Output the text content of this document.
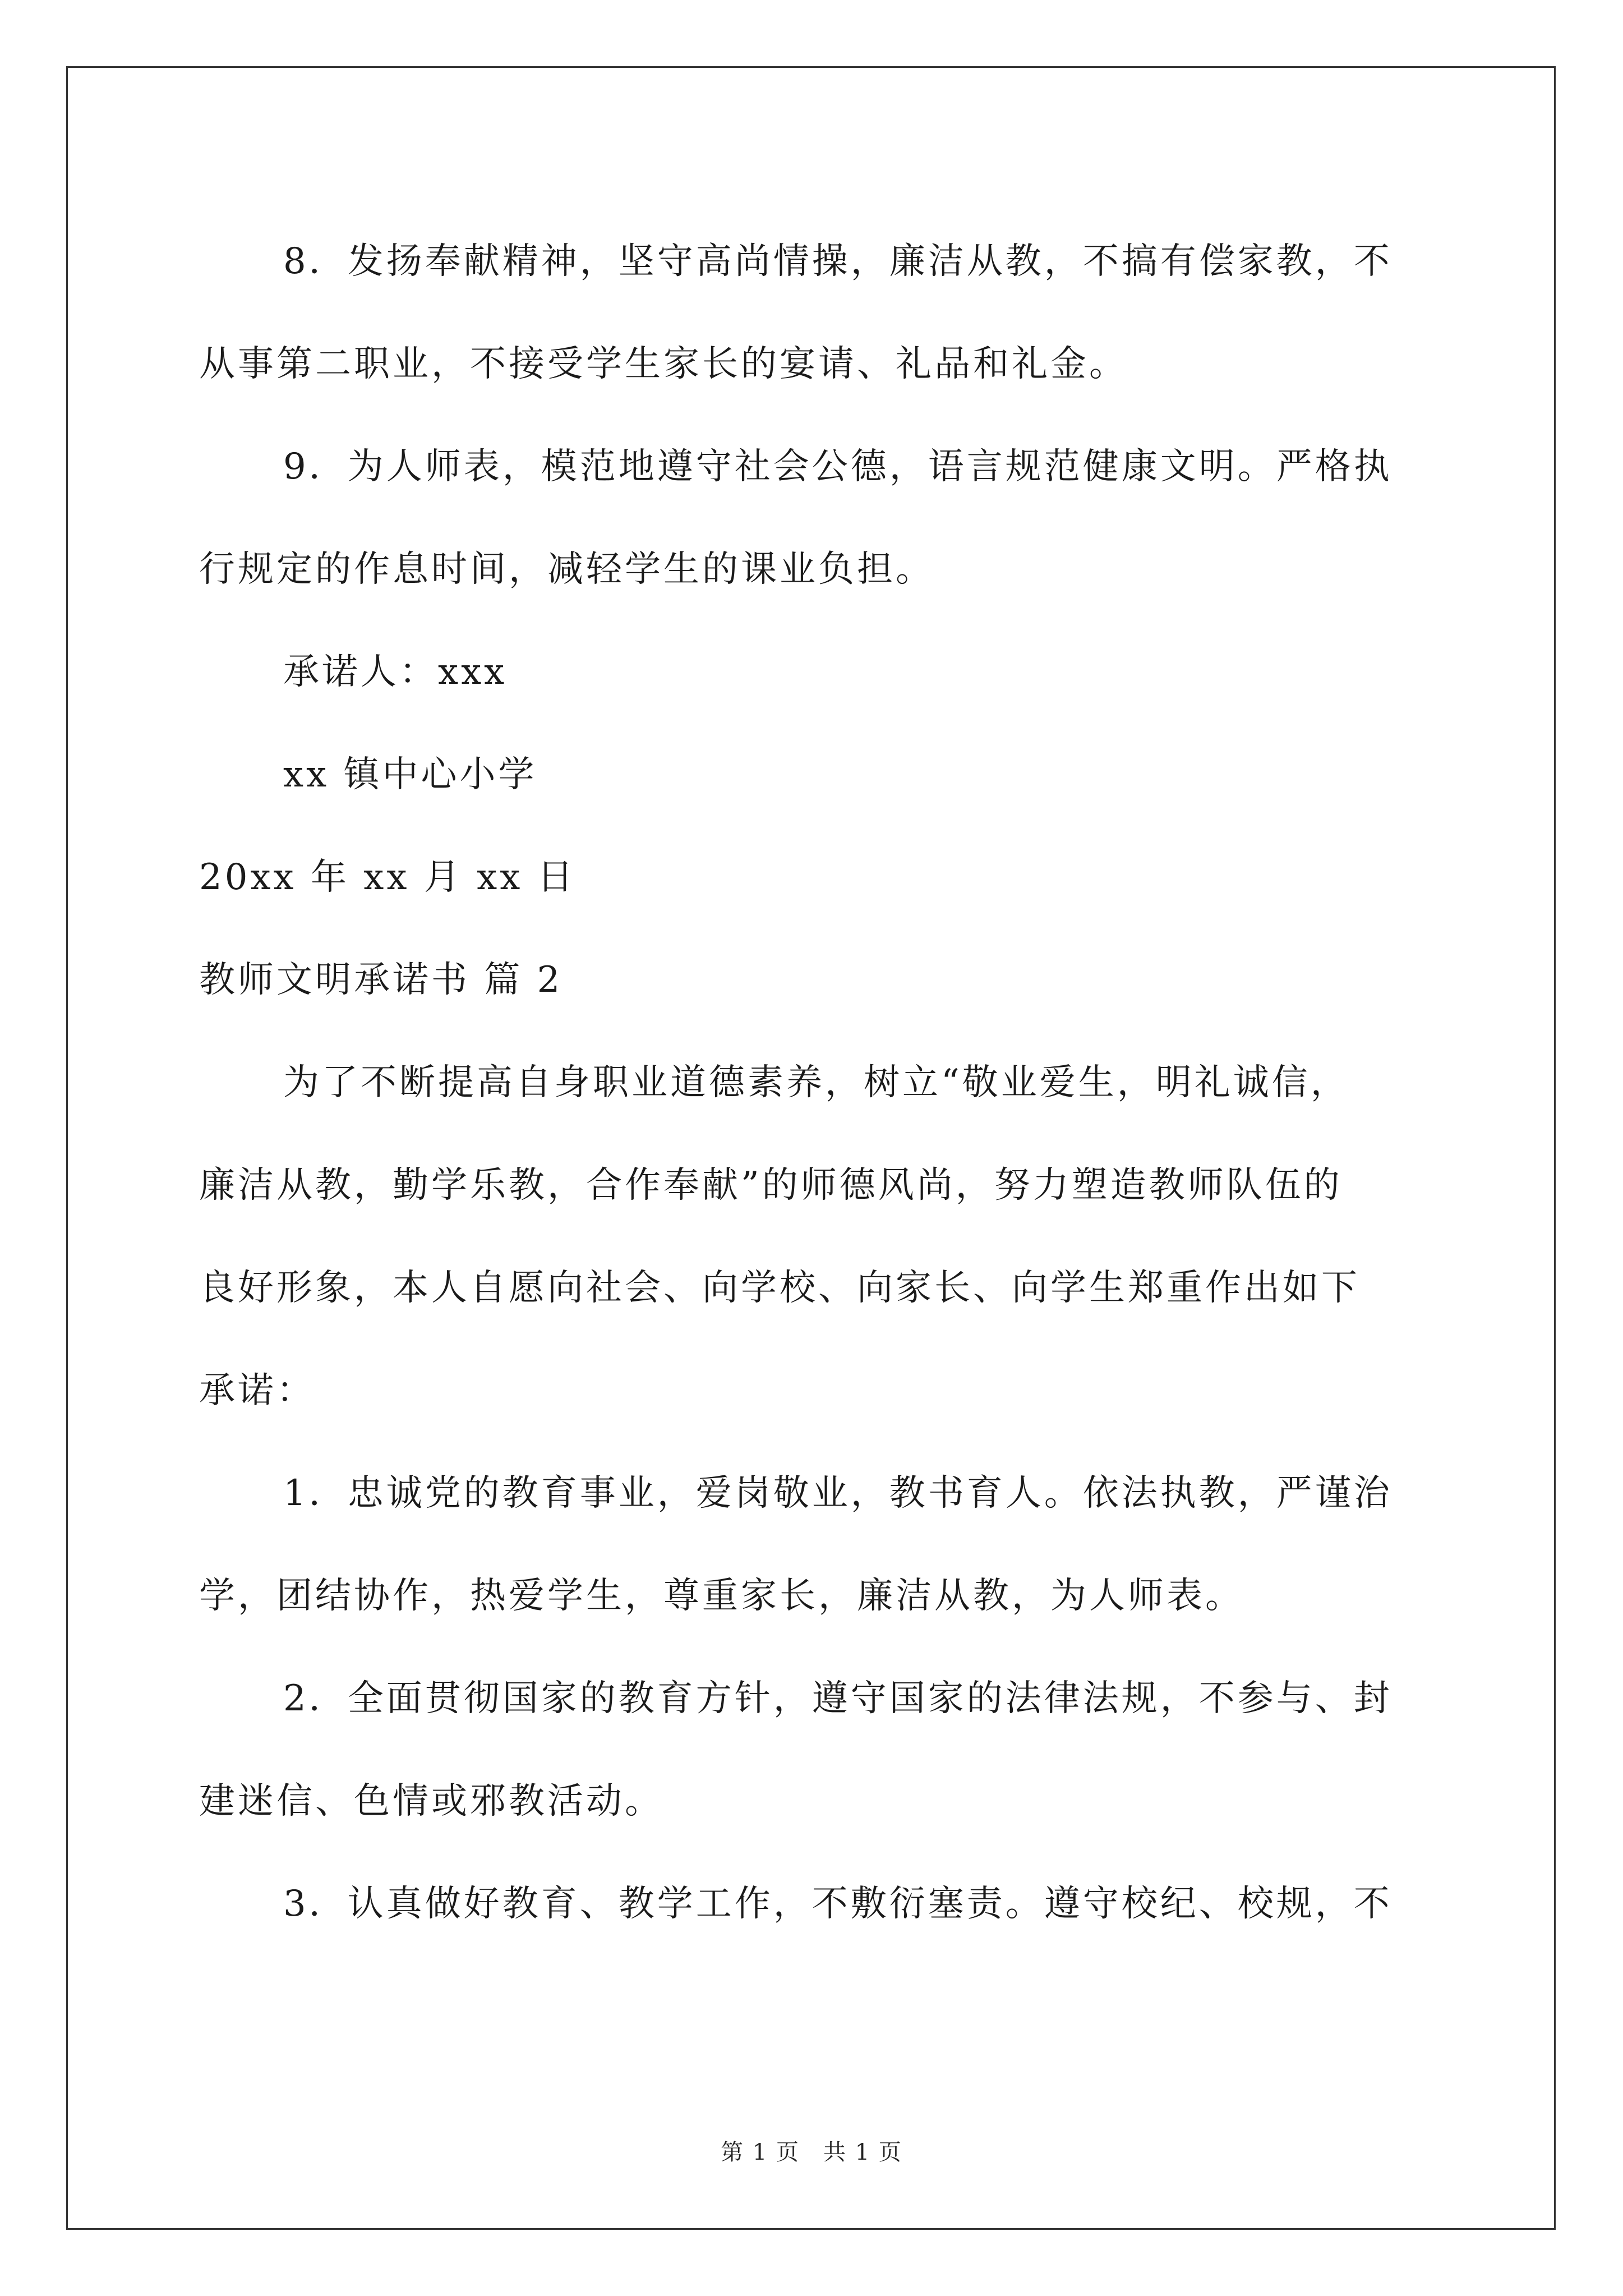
8．发扬奉献精神，坚守高尚情操，廉洁从教，不搞有偿家教，不

从事第二职业，不接受学生家长的宴请、礼品和礼金。

9．为人师表，模范地遵守社会公德，语言规范健康文明。严格执

行规定的作息时间，减轻学生的课业负担。

承诺人：xxx

xx 镇中心小学

20xx 年 xx 月 xx 日

教师文明承诺书 篇 2

为了不断提高自身职业道德素养，树立“敬业爱生，明礼诚信，

廉洁从教，勤学乐教，合作奉献”的师德风尚，努力塑造教师队伍的
良好形象，本人自愿向社会、向学校、向家长、向学生郑重作出如下
承诺：

1．忠诚党的教育事业，爱岗敬业，教书育人。依法执教，严谨治

学，团结协作，热爱学生，尊重家长，廉洁从教，为人师表。

2．全面贯彻国家的教育方针，遵守国家的法律法规，不参与、封

建迷信、色情或邪教活动。

3．认真做好教育、教学工作，不敷衍塞责。遵守校纪、校规，不

第 1 页　共 1 页
